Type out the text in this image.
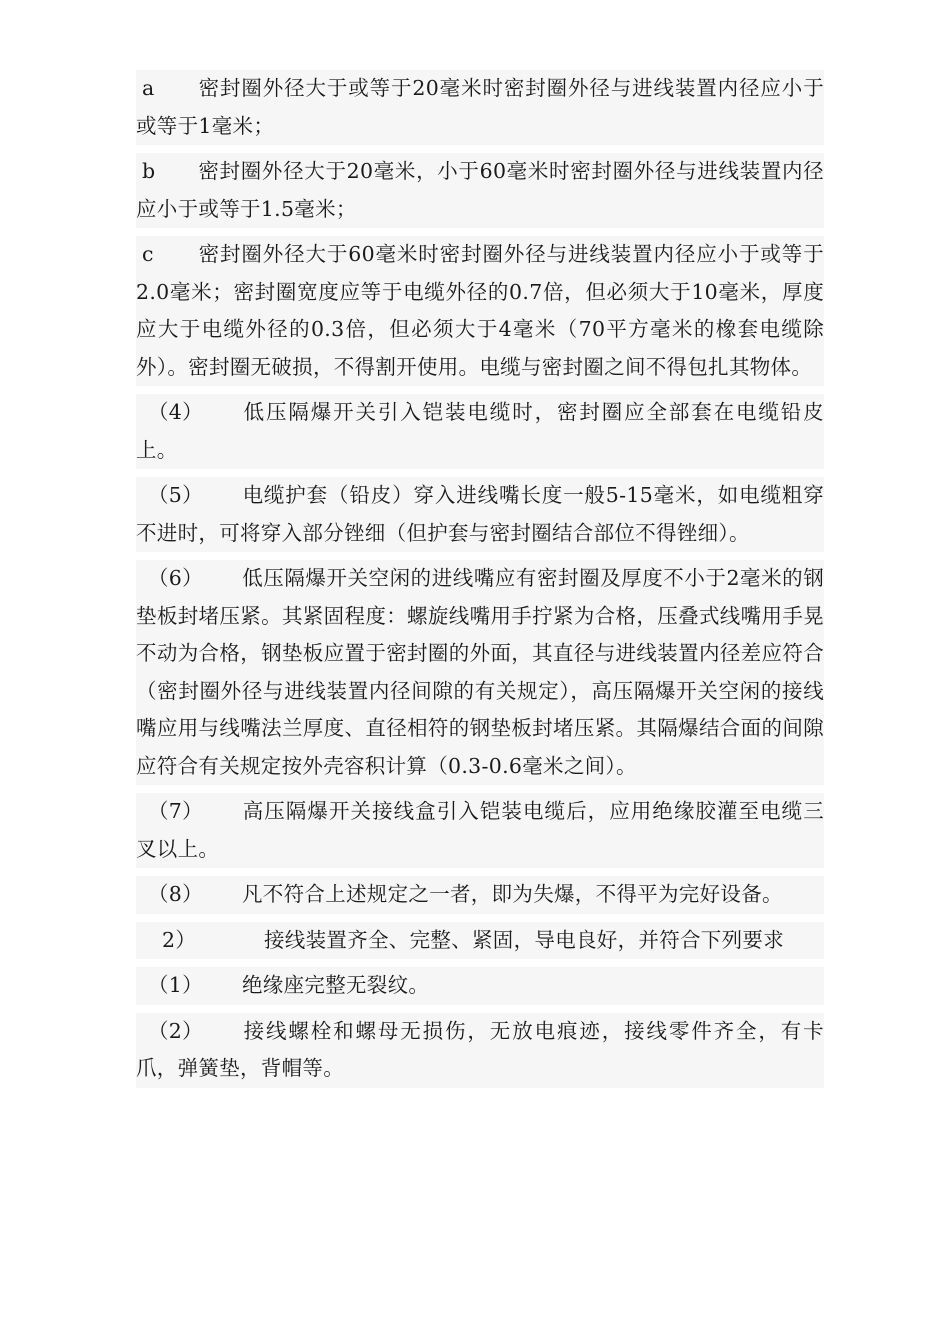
a 密封圈外径大于或等于20毫米时密封圈外径与进线装置内径应小于或等于1毫米；

b 密封圈外径大于20毫米，小于60毫米时密封圈外径与进线装置内径应小于或等于1.5毫米；

c 密封圈外径大于60毫米时密封圈外径与进线装置内径应小于或等于2.0毫米；密封圈宽度应等于电缆外径的0.7倍，但必须大于10毫米，厚度应大于电缆外径的0.3倍，但必须大于4毫米（70平方毫米的橡套电缆除外）。密封圈无破损，不得割开使用。电缆与密封圈之间不得包扎其物体。

（4） 低压隔爆开关引入铠装电缆时，密封圈应全部套在电缆铅皮上。

（5） 电缆护套（铅皮）穿入进线嘴长度一般5-15毫米，如电缆粗穿不进时，可将穿入部分锉细（但护套与密封圈结合部位不得锉细）。

（6） 低压隔爆开关空闲的进线嘴应有密封圈及厚度不小于2毫米的钢垫板封堵压紧。其紧固程度：螺旋线嘴用手拧紧为合格，压叠式线嘴用手晃不动为合格，钢垫板应置于密封圈的外面，其直径与进线装置内径差应符合（密封圈外径与进线装置内径间隙的有关规定），高压隔爆开关空闲的接线嘴应用与线嘴法兰厚度、直径相符的钢垫板封堵压紧。其隔爆结合面的间隙应符合有关规定按外壳容积计算（0.3-0.6毫米之间）。

（7） 高压隔爆开关接线盒引入铠装电缆后，应用绝缘胶灌至电缆三叉以上。

（8） 凡不符合上述规定之一者，即为失爆，不得平为完好设备。

2）	接线装置齐全、完整、紧固，导电良好，并符合下列要求

（1） 绝缘座完整无裂纹。

（2） 接线螺栓和螺母无损伤，无放电痕迹，接线零件齐全，有卡爪，弹簧垫，背帽等。
